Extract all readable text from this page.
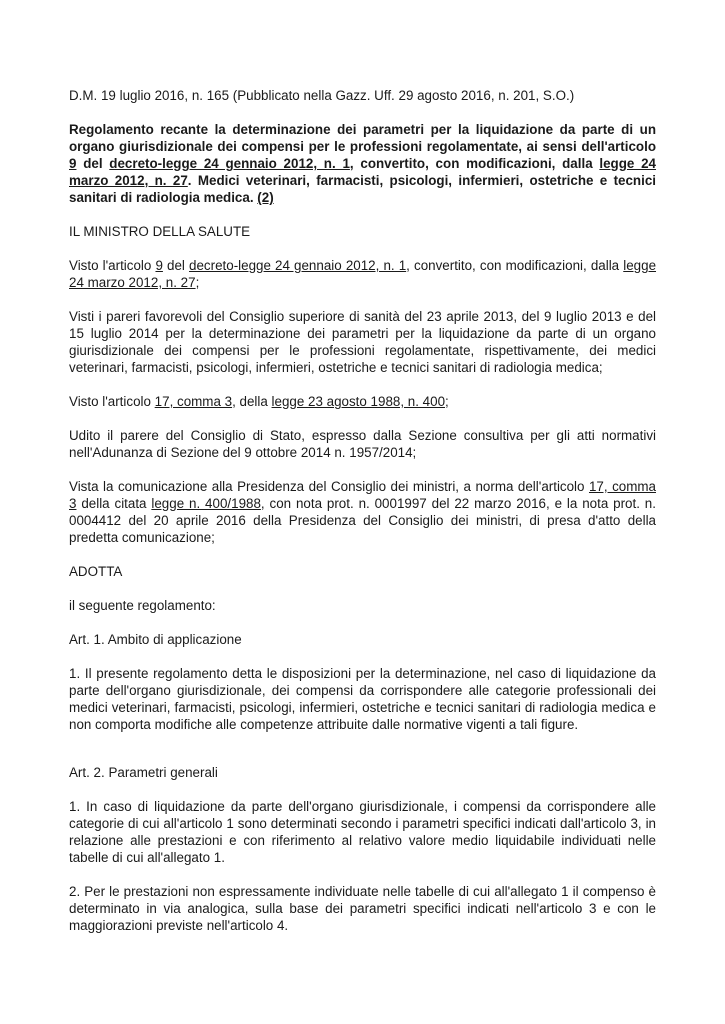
D.M. 19 luglio 2016, n. 165 (Pubblicato nella Gazz. Uff. 29 agosto 2016, n. 201, S.O.)

Regolamento recante la determinazione dei parametri per la liquidazione da parte di un organo giurisdizionale dei compensi per le professioni regolamentate, ai sensi dell'articolo 9 del decreto-legge 24 gennaio 2012, n. 1, convertito, con modificazioni, dalla legge 24 marzo 2012, n. 27. Medici veterinari, farmacisti, psicologi, infermieri, ostetriche e tecnici sanitari di radiologia medica. (2)

IL MINISTRO DELLA SALUTE

Visto l'articolo 9 del decreto-legge 24 gennaio 2012, n. 1, convertito, con modificazioni, dalla legge 24 marzo 2012, n. 27;

Visti i pareri favorevoli del Consiglio superiore di sanità del 23 aprile 2013, del 9 luglio 2013 e del 15 luglio 2014 per la determinazione dei parametri per la liquidazione da parte di un organo giurisdizionale dei compensi per le professioni regolamentate, rispettivamente, dei medici veterinari, farmacisti, psicologi, infermieri, ostetriche e tecnici sanitari di radiologia medica;

Visto l'articolo 17, comma 3, della legge 23 agosto 1988, n. 400;

Udito il parere del Consiglio di Stato, espresso dalla Sezione consultiva per gli atti normativi nell'Adunanza di Sezione del 9 ottobre 2014 n. 1957/2014;

Vista la comunicazione alla Presidenza del Consiglio dei ministri, a norma dell'articolo 17, comma 3 della citata legge n. 400/1988, con nota prot. n. 0001997 del 22 marzo 2016, e la nota prot. n. 0004412 del 20 aprile 2016 della Presidenza del Consiglio dei ministri, di presa d'atto della predetta comunicazione;

ADOTTA

il seguente regolamento:

Art. 1. Ambito di applicazione

1. Il presente regolamento detta le disposizioni per la determinazione, nel caso di liquidazione da parte dell'organo giurisdizionale, dei compensi da corrispondere alle categorie professionali dei medici veterinari, farmacisti, psicologi, infermieri, ostetriche e tecnici sanitari di radiologia medica e non comporta modifiche alle competenze attribuite dalle normative vigenti a tali figure.

Art. 2. Parametri generali

1. In caso di liquidazione da parte dell'organo giurisdizionale, i compensi da corrispondere alle categorie di cui all'articolo 1 sono determinati secondo i parametri specifici indicati dall'articolo 3, in relazione alle prestazioni e con riferimento al relativo valore medio liquidabile individuati nelle tabelle di cui all'allegato 1.

2. Per le prestazioni non espressamente individuate nelle tabelle di cui all'allegato 1 il compenso è determinato in via analogica, sulla base dei parametri specifici indicati nell'articolo 3 e con le maggiorazioni previste nell'articolo 4.
